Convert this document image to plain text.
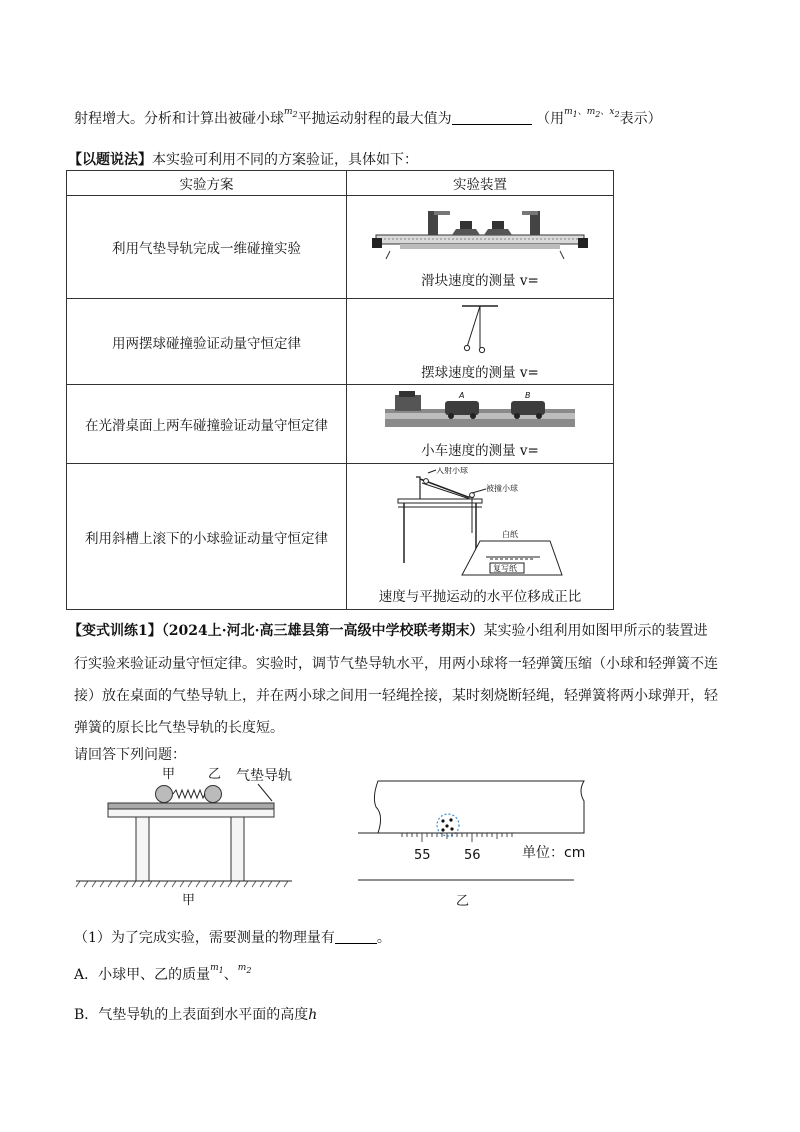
射程增大。分析和计算出被碰小球$^{m_2}$平抛运动射程的最大值为	（用$^{m_1、m_2、x_2}$表示）
【以题说法】本实验可利用不同的方案验证，具体如下：
实验方案	实验装置
利用气垫导轨完成一维碰撞实验	滑块速度的测量 v=

用两摆球碰撞验证动量守恒定律	摆球速度的测量 v=

在光滑桌面上两车碰撞验证动量守恒定律	A B
小车速度的测量 v=

利用斜槽上滚下的小球验证动量守恒定律	入射小球
被撞小球
白纸
复写纸
速度与平抛运动的水平位移成正比
【变式训练1】（2024上·河北·高三雄县第一高级中学校联考期末）某实验小组利用如图甲所示的装置进
行实验来验证动量守恒定律。实验时，调节气垫导轨水平，用两小球将一轻弹簧压缩（小球和轻弹簧不连
接）放在桌面的气垫导轨上，并在两小球之间用一轻绳拴接，某时刻烧断轻绳，轻弹簧将两小球弹开，轻
弹簧的原长比气垫导轨的长度短。
请回答下列问题：
甲	乙 气垫导轨
甲
55	56	单位：cm
乙
（1）为了完成实验，需要测量的物理量有	。
A．小球甲、乙的质量$^{m_1}$、$^{m_2}$
B．气垫导轨的上表面到水平面的高度h
